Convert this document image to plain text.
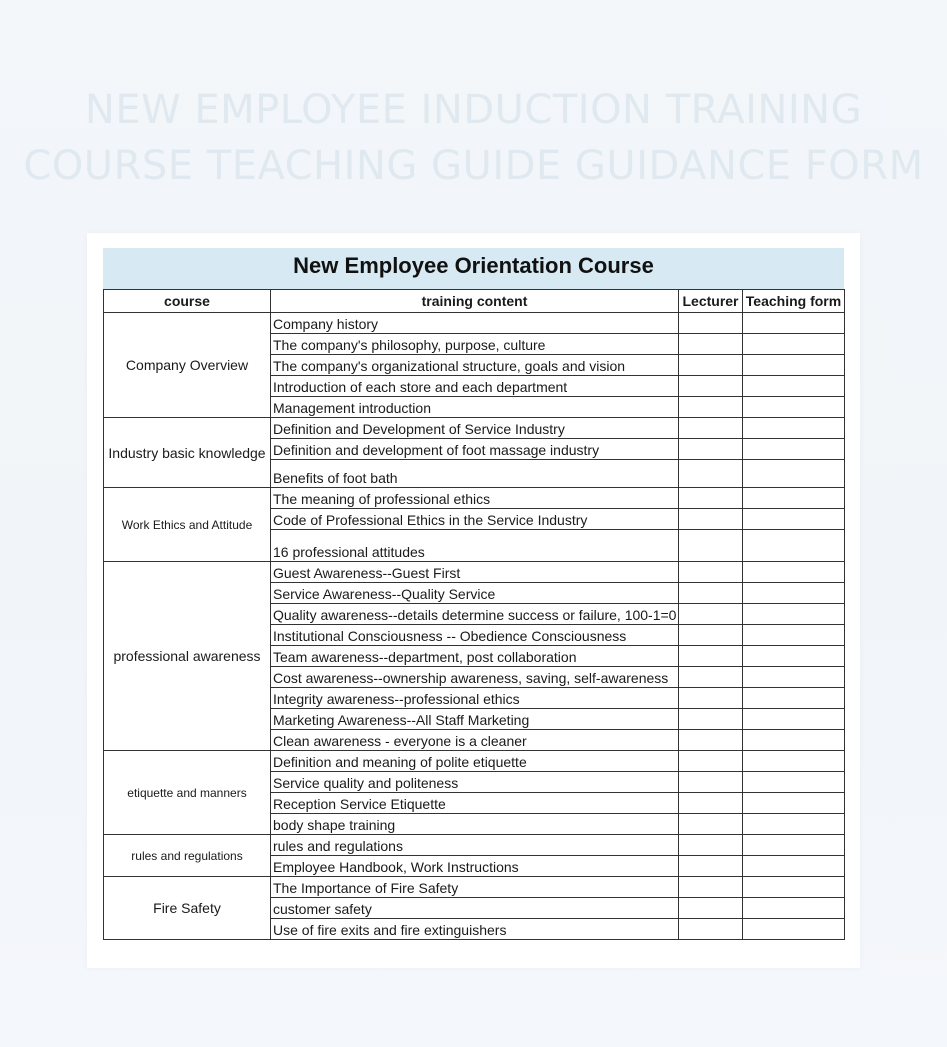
NEW EMPLOYEE INDUCTION TRAINING
COURSE TEACHING GUIDE GUIDANCE FORM
New Employee Orientation Course
course	training content	Lecturer	Teaching form
Company Overview	Company history		
	The company's philosophy, purpose, culture		
	The company's organizational structure, goals and vision		
	Introduction of each store and each department		
	Management introduction		
Industry basic knowledge	Definition and Development of Service Industry		
	Definition and development of foot massage industry		
	Benefits of foot bath		
Work Ethics and Attitude	The meaning of professional ethics		
	Code of Professional Ethics in the Service Industry		
	16 professional attitudes		
professional awareness	Guest Awareness--Guest First		
	Service Awareness--Quality Service		
	Quality awareness--details determine success or failure, 100-1=0		
	Institutional Consciousness -- Obedience Consciousness		
	Team awareness--department, post collaboration		
	Cost awareness--ownership awareness, saving, self-awareness		
	Integrity awareness--professional ethics		
	Marketing Awareness--All Staff Marketing		
	Clean awareness - everyone is a cleaner		
etiquette and manners	Definition and meaning of polite etiquette		
	Service quality and politeness		
	Reception Service Etiquette		
	body shape training		
rules and regulations	rules and regulations		
	Employee Handbook, Work Instructions		
Fire Safety	The Importance of Fire Safety		
	customer safety		
	Use of fire exits and fire extinguishers		
